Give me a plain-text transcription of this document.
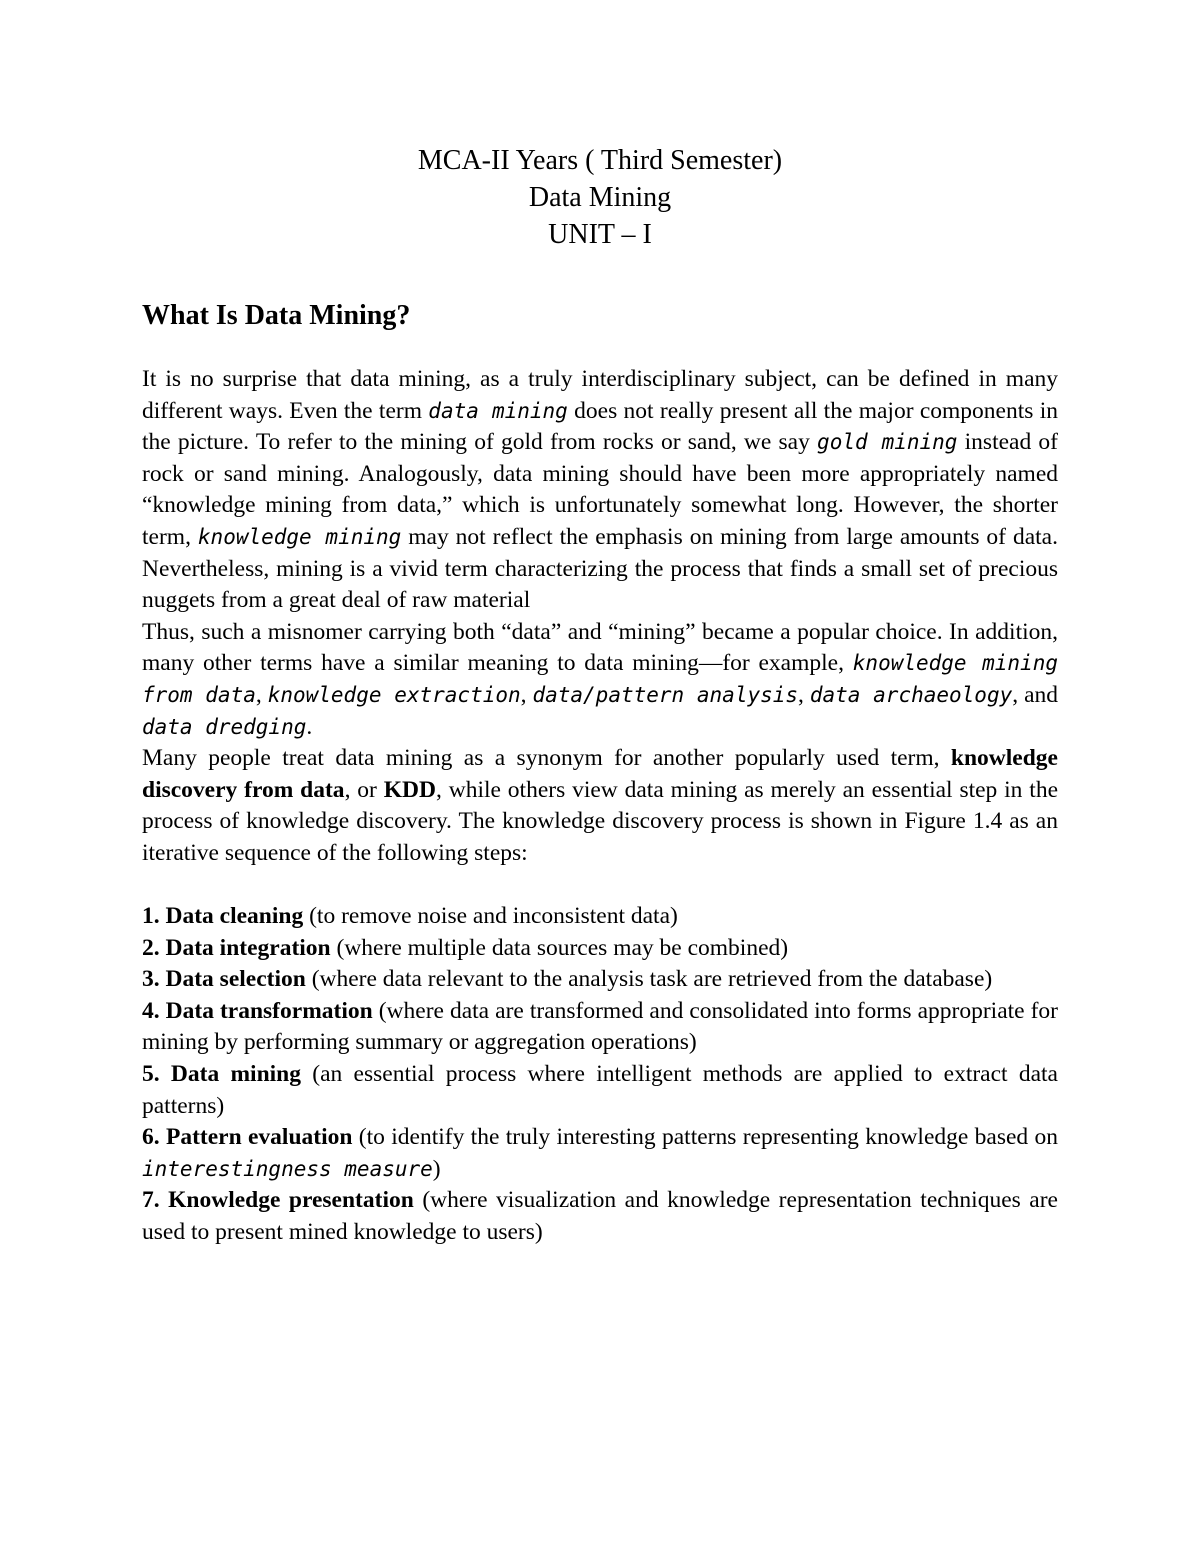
MCA-II Years ( Third Semester)
Data Mining
UNIT – I
What Is Data Mining?

It is no surprise that data mining, as a truly interdisciplinary subject, can be defined in many different ways. Even the term data mining does not really present all the major components in the picture. To refer to the mining of gold from rocks or sand, we say gold mining instead of rock or sand mining. Analogously, data mining should have been more appropriately named “knowledge mining from data,” which is unfortunately somewhat long. However, the shorter term, knowledge mining may not reflect the emphasis on mining from large amounts of data. Nevertheless, mining is a vivid term characterizing the process that finds a small set of precious nuggets from a great deal of raw material

Thus, such a misnomer carrying both “data” and “mining” became a popular choice. In addition, many other terms have a similar meaning to data mining—for example, knowledge mining from data, knowledge extraction, data/pattern analysis, data archaeology, and data dredging.

Many people treat data mining as a synonym for another popularly used term, knowledge discovery from data, or KDD, while others view data mining as merely an essential step in the process of knowledge discovery. The knowledge discovery process is shown in Figure 1.4 as an iterative sequence of the following steps:

1. Data cleaning (to remove noise and inconsistent data)

2. Data integration (where multiple data sources may be combined)

3. Data selection (where data relevant to the analysis task are retrieved from the database)

4. Data transformation (where data are transformed and consolidated into forms appropriate for mining by performing summary or aggregation operations)

5. Data mining (an essential process where intelligent methods are applied to extract data patterns)

6. Pattern evaluation (to identify the truly interesting patterns representing knowledge based on interestingness measure)

7. Knowledge presentation (where visualization and knowledge representation techniques are used to present mined knowledge to users)
